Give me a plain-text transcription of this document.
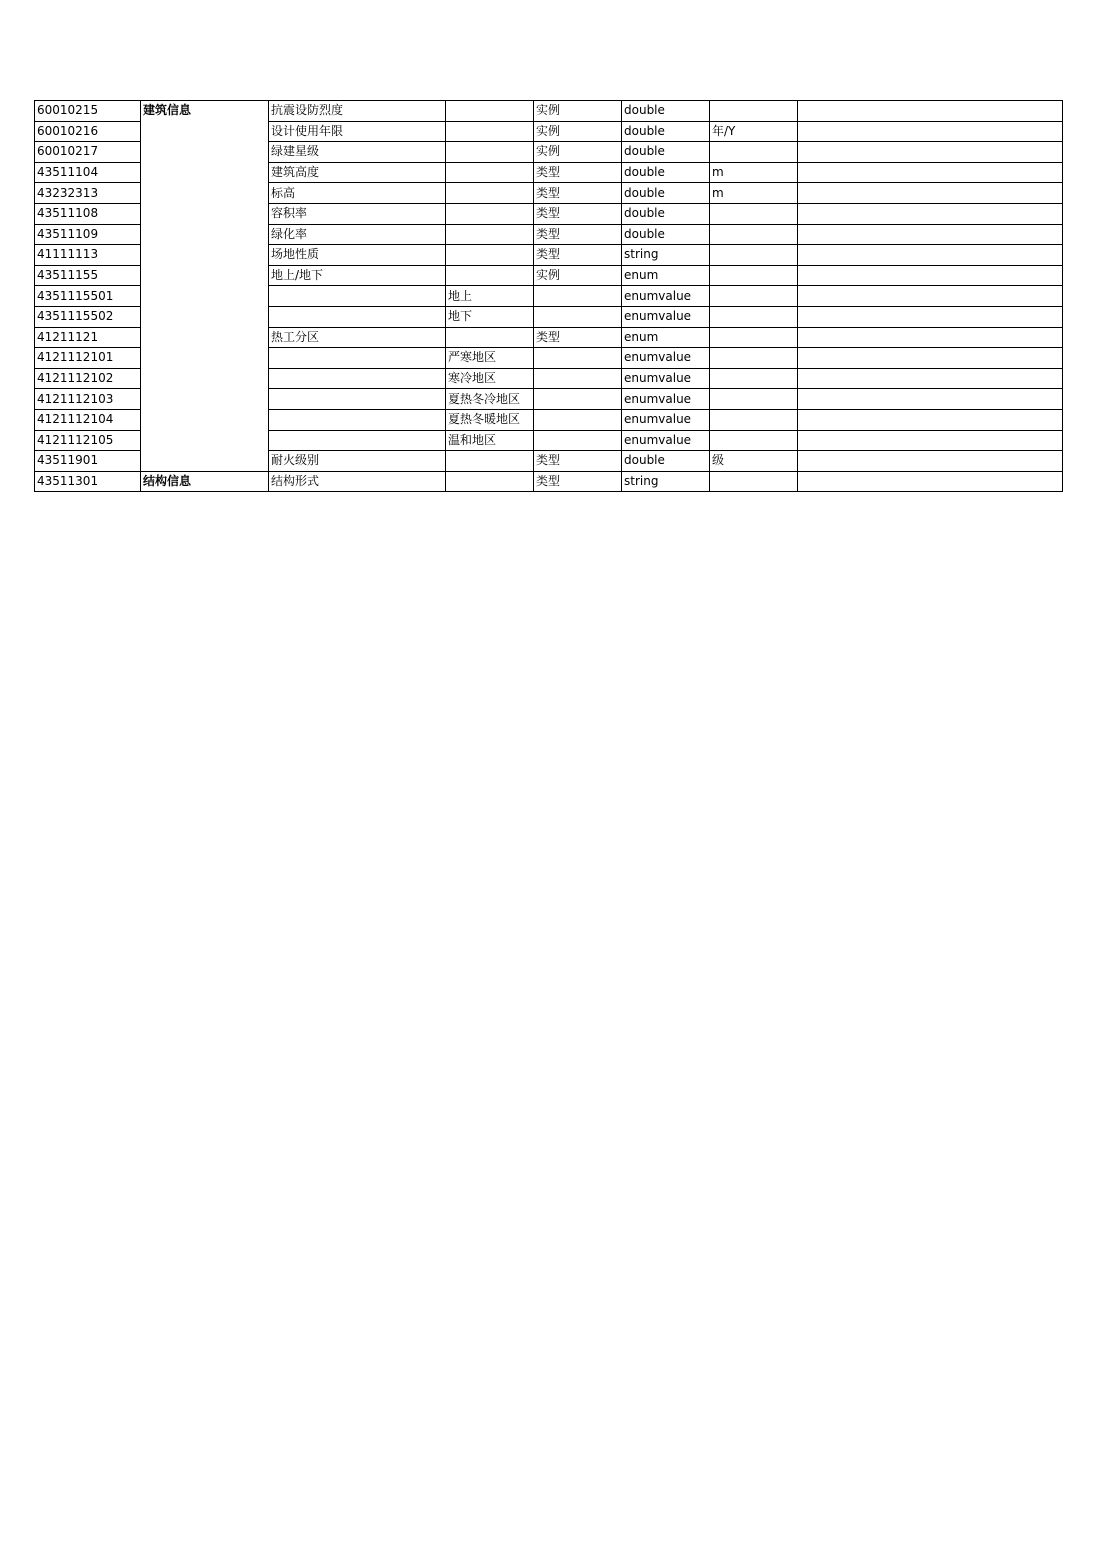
60010215	建筑信息	抗震设防烈度		实例	double		
60010216		设计使用年限		实例	double	年/Y	
60010217		绿建星级		实例	double		
43511104		建筑高度		类型	double	m	
43232313		标高		类型	double	m	
43511108		容积率		类型	double		
43511109		绿化率		类型	double		
41111113		场地性质		类型	string		
43511155		地上/地下		实例	enum		
4351115501			地上		enumvalue		
4351115502			地下		enumvalue		
41211121		热工分区		类型	enum		
4121112101			严寒地区		enumvalue		
4121112102			寒冷地区		enumvalue		
4121112103			夏热冬冷地区		enumvalue		
4121112104			夏热冬暖地区		enumvalue		
4121112105			温和地区		enumvalue		
43511901		耐火级别		类型	double	级	
43511301	结构信息	结构形式		类型	string		
